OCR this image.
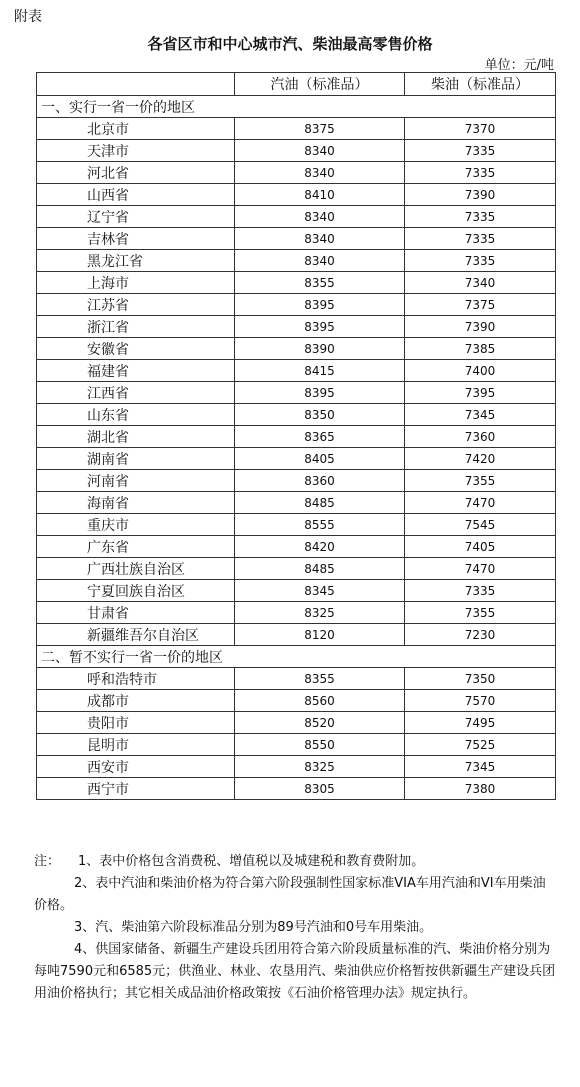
附表
各省区市和中心城市汽、柴油最高零售价格
单位：元/吨
	汽油（标准品）	柴油（标准品）
一、实行一省一价的地区		
北京市	8375	7370
天津市	8340	7335
河北省	8340	7335
山西省	8410	7390
辽宁省	8340	7335
吉林省	8340	7335
黑龙江省	8340	7335
上海市	8355	7340
江苏省	8395	7375
浙江省	8395	7390
安徽省	8390	7385
福建省	8415	7400
江西省	8395	7395
山东省	8350	7345
湖北省	8365	7360
湖南省	8405	7420
河南省	8360	7355
海南省	8485	7470
重庆市	8555	7545
广东省	8420	7405
广西壮族自治区	8485	7470
宁夏回族自治区	8345	7335
甘肃省	8325	7355
新疆维吾尔自治区	8120	7230
二、暂不实行一省一价的地区		
呼和浩特市	8355	7350
成都市	8560	7570
贵阳市	8520	7495
昆明市	8550	7525
西安市	8325	7345
西宁市	8305	7380

注： 1、表中价格包含消费税、增值税以及城建税和教育费附加。

2、表中汽油和柴油价格为符合第六阶段强制性国家标准VIA车用汽油和VI车用柴油价格。

3、汽、柴油第六阶段标准品分别为89号汽油和0号车用柴油。

4、供国家储备、新疆生产建设兵团用符合第六阶段质量标准的汽、柴油价格分别为每吨7590元和6585元；供渔业、林业、农垦用汽、柴油供应价格暂按供新疆生产建设兵团用油价格执行；其它相关成品油价格政策按《石油价格管理办法》规定执行。
